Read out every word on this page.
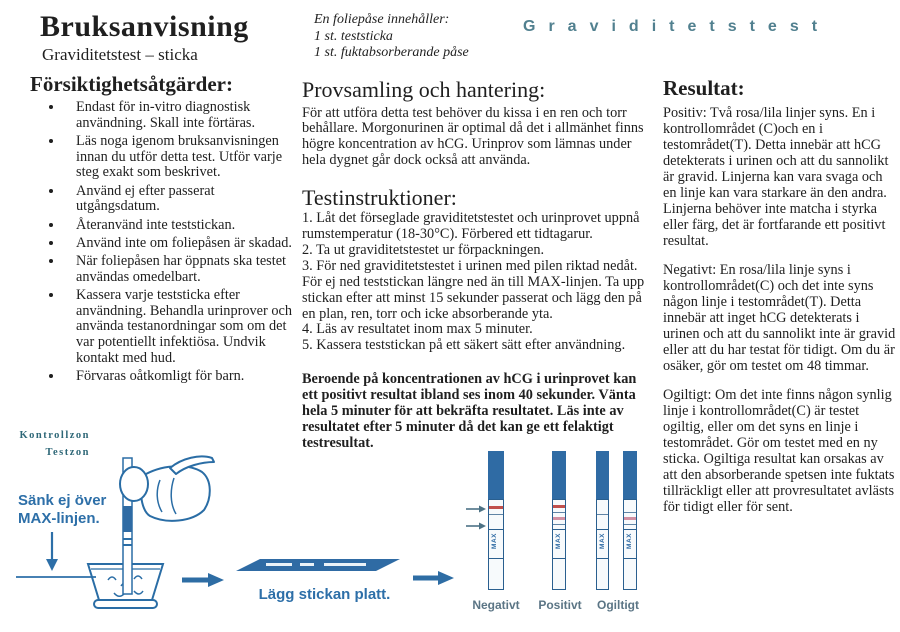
Bruksanvisning
Graviditetstest – sticka
Försiktighetsåtgärder:
• Endast för in-vitro diagnostisk användning. Skall inte förtäras.
• Läs noga igenom bruksanvisningen innan du utför detta test. Utför varje steg exakt som beskrivet.
• Använd ej efter passerat utgångsdatum.
• Återanvänd inte teststickan.
• Använd inte om foliepåsen är skadad.
• När foliepåsen har öppnats ska testet användas omedelbart.
• Kassera varje teststicka efter användning. Behandla urinprover och använda testanordningar som om det var potentiellt infektiösa. Undvik kontakt med hud.
• Förvaras oåtkomligt för barn.
En foliepåse innehåller:
1 st. teststicka
1 st. fuktabsorberande påse
Provsamling och hantering:
För att utföra detta test behöver du kissa i en ren och torr behållare. Morgonurinen är optimal då det i allmänhet finns högre koncentration av hCG. Urinprov som lämnas under hela dygnet går dock också att använda.
Testinstruktioner:
1. Låt det förseglade graviditetstestet och urinprovet uppnå rumstemperatur (18-30°C). Förbered ett tidtagarur.
2. Ta ut graviditetstestet ur förpackningen.
3. För ned graviditetstestet i urinen med pilen riktad nedåt. För ej ned teststickan längre ned än till MAX-linjen. Ta upp stickan efter att minst 15 sekunder passerat och lägg den på en plan, ren, torr och icke absorberande yta.
4. Läs av resultatet inom max 5 minuter.
5. Kassera teststickan på ett säkert sätt efter användning.
Beroende på koncentrationen av hCG i urinprovet kan ett positivt resultat ibland ses inom 40 sekunder. Vänta hela 5 minuter för att bekräfta resultatet. Läs inte av resultatet efter 5 minuter då det kan ge ett felaktigt testresultat.
Graviditetstest
Resultat:
Positiv: Två rosa/lila linjer syns. En i kontrollområdet (C)och en i testområdet(T). Detta innebär att hCG detekterats i urinen och att du sannolikt är gravid. Linjerna kan vara svaga och en linje kan vara starkare än den andra. Linjerna behöver inte matcha i styrka eller färg, det är fortfarande ett positivt resultat.
Negativt: En rosa/lila linje syns i kontrollområdet(C) och det inte syns någon linje i testområdet(T). Detta innebär att inget hCG detekterats i urinen och att du sannolikt inte är gravid eller att du har testat för tidigt. Om du är osäker, gör om testet om 48 timmar.
Ogiltigt: Om det inte finns någon synlig linje i kontrollområdet(C) är testet ogiltig, eller om det syns en linje i testområdet. Gör om testet med en ny sticka. Ogiltiga resultat kan orsakas av att den absorberande spetsen inte fuktats tillräckligt eller att provresultatet avlästs för tidigt eller för sent.
Sänk ej över
MAX-linjen.
Lägg stickan platt.
Kontrollzon
Testzon
MAX	MAX	MAX	MAX
Negativt	Positivt	Ogiltigt
